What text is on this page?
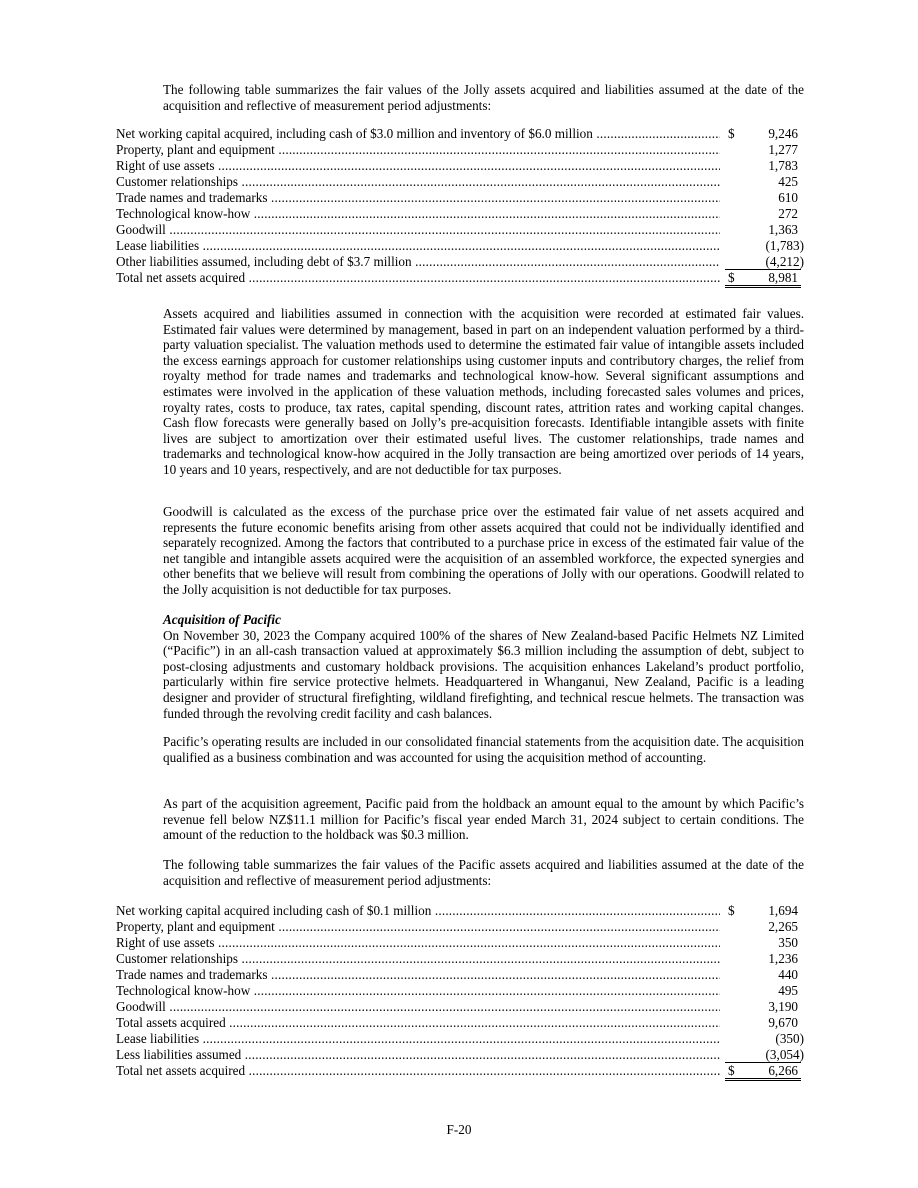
The following table summarizes the fair values of the Jolly assets acquired and liabilities assumed at the date of the acquisition and reflective of measurement period adjustments:

Net working capital acquired, including cash of $3.0 million and inventory of $6.0 million .....	$	9,246
Property, plant and equipment .....	1,277
Right of use assets .....	1,783
Customer relationships .....	425
Trade names and trademarks .....	610
Technological know-how .....	272
Goodwill .....	1,363
Lease liabilities .....	(1,783)
Other liabilities assumed, including debt of $3.7 million .....	(4,212)
Total net assets acquired .....	$	8,981

Assets acquired and liabilities assumed in connection with the acquisition were recorded at estimated fair values. Estimated fair values were determined by management, based in part on an independent valuation performed by a third-party valuation specialist. The valuation methods used to determine the estimated fair value of intangible assets included the excess earnings approach for customer relationships using customer inputs and contributory charges, the relief from royalty method for trade names and trademarks and technological know-how. Several significant assumptions and estimates were involved in the application of these valuation methods, including forecasted sales volumes and prices, royalty rates, costs to produce, tax rates, capital spending, discount rates, attrition rates and working capital changes. Cash flow forecasts were generally based on Jolly’s pre-acquisition forecasts. Identifiable intangible assets with finite lives are subject to amortization over their estimated useful lives. The customer relationships, trade names and trademarks and technological know-how acquired in the Jolly transaction are being amortized over periods of 14 years, 10 years and 10 years, respectively, and are not deductible for tax purposes.

Goodwill is calculated as the excess of the purchase price over the estimated fair value of net assets acquired and represents the future economic benefits arising from other assets acquired that could not be individually identified and separately recognized. Among the factors that contributed to a purchase price in excess of the estimated fair value of the net tangible and intangible assets acquired were the acquisition of an assembled workforce, the expected synergies and other benefits that we believe will result from combining the operations of Jolly with our operations. Goodwill related to the Jolly acquisition is not deductible for tax purposes.

Acquisition of Pacific
On November 30, 2023 the Company acquired 100% of the shares of New Zealand-based Pacific Helmets NZ Limited (“Pacific”) in an all-cash transaction valued at approximately $6.3 million including the assumption of debt, subject to post-closing adjustments and customary holdback provisions. The acquisition enhances Lakeland’s product portfolio, particularly within fire service protective helmets. Headquartered in Whanganui, New Zealand, Pacific is a leading designer and provider of structural firefighting, wildland firefighting, and technical rescue helmets. The transaction was funded through the revolving credit facility and cash balances.

Pacific’s operating results are included in our consolidated financial statements from the acquisition date. The acquisition qualified as a business combination and was accounted for using the acquisition method of accounting.

As part of the acquisition agreement, Pacific paid from the holdback an amount equal to the amount by which Pacific’s revenue fell below NZ$11.1 million for Pacific’s fiscal year ended March 31, 2024 subject to certain conditions. The amount of the reduction to the holdback was $0.3 million.

The following table summarizes the fair values of the Pacific assets acquired and liabilities assumed at the date of the acquisition and reflective of measurement period adjustments:

Net working capital acquired including cash of $0.1 million .....	$	1,694
Property, plant and equipment .....	2,265
Right of use assets .....	350
Customer relationships .....	1,236
Trade names and trademarks .....	440
Technological know-how .....	495
Goodwill .....	3,190
Total assets acquired .....	9,670
Lease liabilities .....	(350)
Less liabilities assumed .....	(3,054)
Total net assets acquired .....	$	6,266
F-20
